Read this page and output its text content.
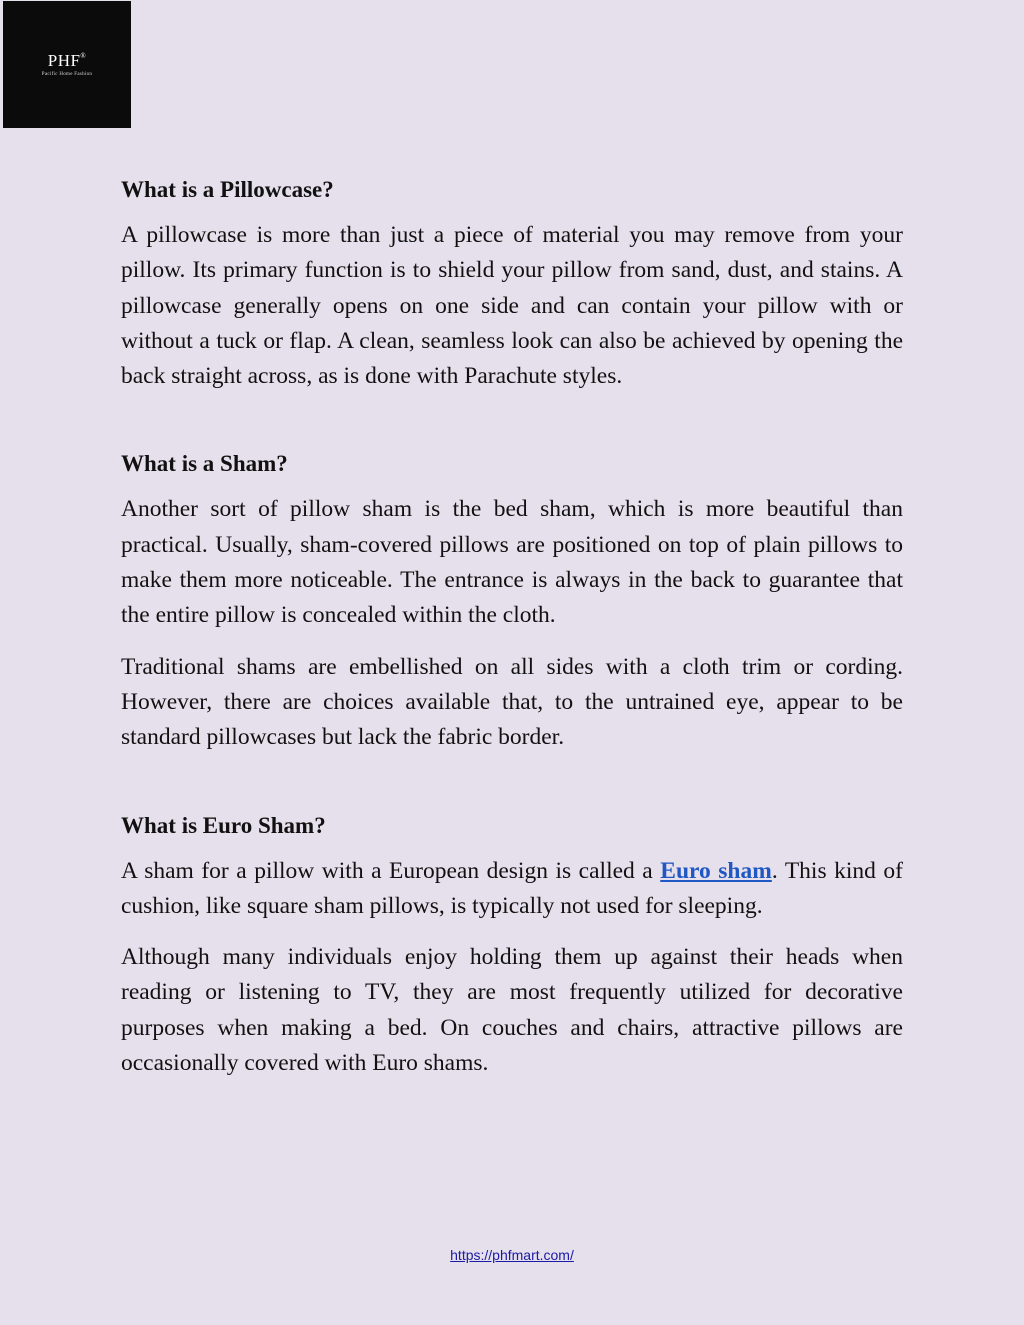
PHF®
Pacific Home Fashion
What is a Pillowcase?

A pillowcase is more than just a piece of material you may remove from your pillow. Its primary function is to shield your pillow from sand, dust, and stains. A pillowcase generally opens on one side and can contain your pillow with or without a tuck or flap. A clean, seamless look can also be achieved by opening the back straight across, as is done with Parachute styles.

What is a Sham?

Another sort of pillow sham is the bed sham, which is more beautiful than practical. Usually, sham-covered pillows are positioned on top of plain pillows to make them more noticeable. The entrance is always in the back to guarantee that the entire pillow is concealed within the cloth.

Traditional shams are embellished on all sides with a cloth trim or cording. However, there are choices available that, to the untrained eye, appear to be standard pillowcases but lack the fabric border.

What is Euro Sham?

A sham for a pillow with a European design is called a Euro sham. This kind of cushion, like square sham pillows, is typically not used for sleeping.

Although many individuals enjoy holding them up against their heads when reading or listening to TV, they are most frequently utilized for decorative purposes when making a bed. On couches and chairs, attractive pillows are occasionally covered with Euro shams.

https://phfmart.com/
